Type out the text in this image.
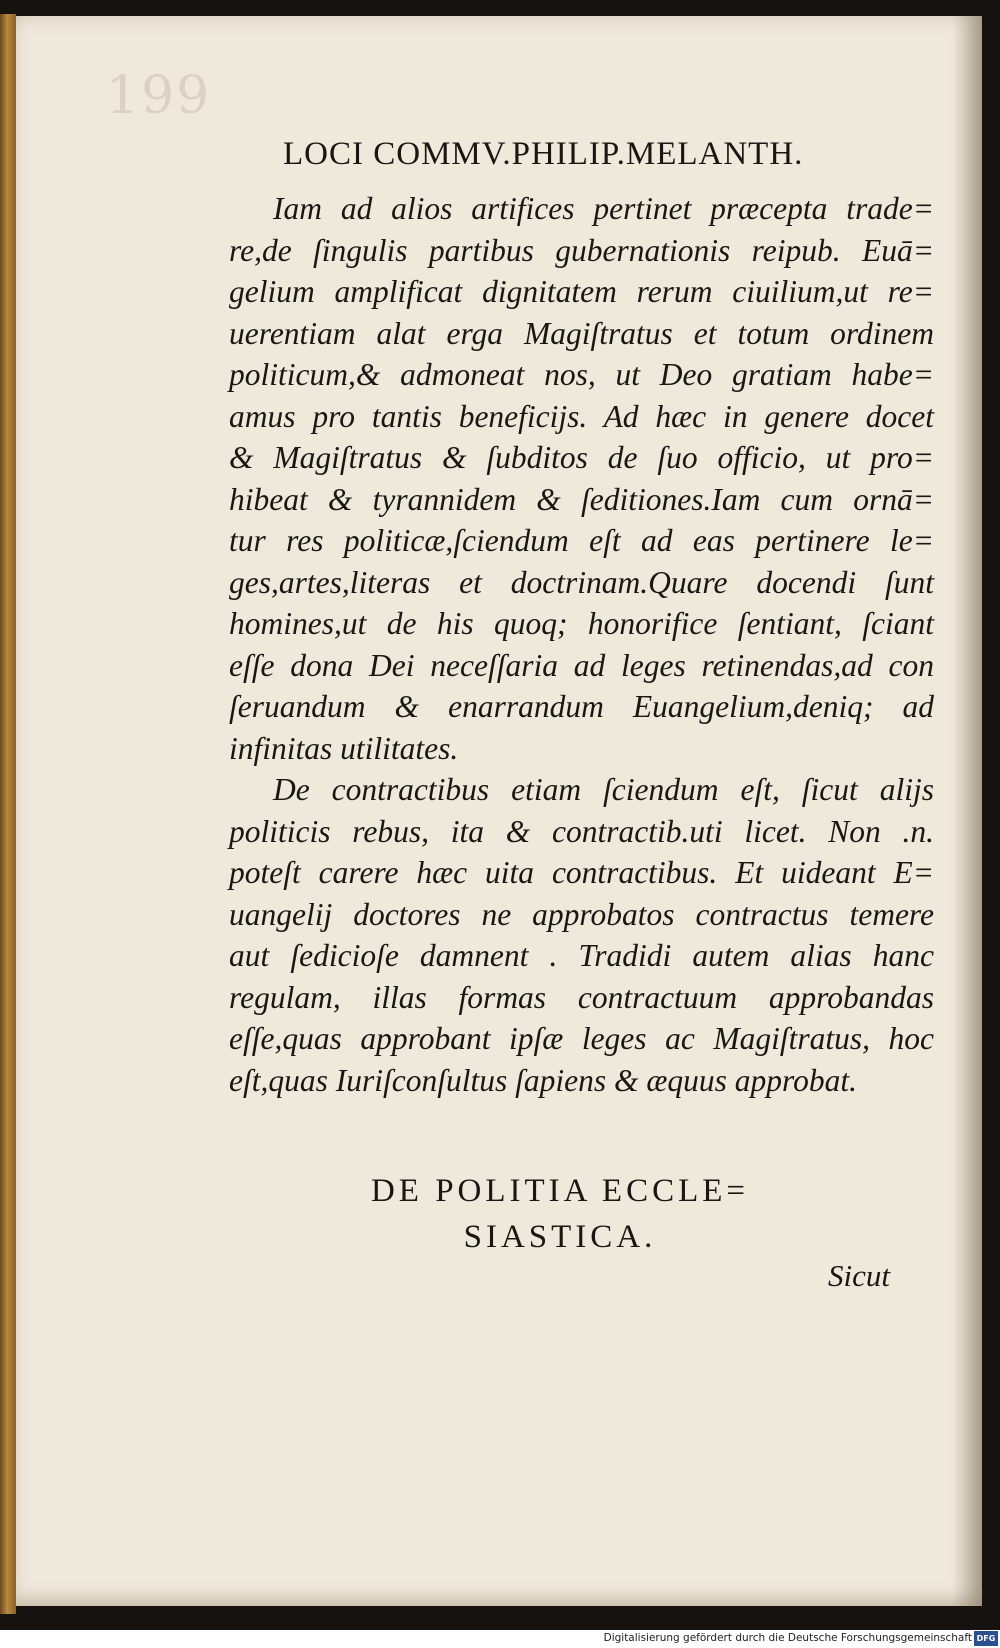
199
LOCI COMMV.PHILIP.MELANTH.
Iam ad alios artifices pertinet præcepta trade=
re,de ſingulis partibus gubernationis reipub. Euā=
gelium amplificat dignitatem rerum ciuilium,ut re=
uerentiam alat erga Magiſtratus et totum ordinem
politicum,& admoneat nos, ut Deo gratiam habe=
amus pro tantis beneficijs. Ad hæc in genere docet
& Magiſtratus & ſubditos de ſuo officio, ut pro=
hibeat & tyrannidem & ſeditiones.Iam cum ornā=
tur res politicæ,ſciendum eſt ad eas pertinere le=
ges,artes,literas et doctrinam.Quare docendi ſunt
homines,ut de his quoq; honorifice ſentiant, ſciant
eſſe dona Dei neceſſaria ad leges retinendas,ad con
ſeruandum & enarrandum Euangelium,deniq; ad
infinitas utilitates.
De contractibus etiam ſciendum eſt, ſicut alijs
politicis rebus, ita & contractib.uti licet. Non .n.
poteſt carere hæc uita contractibus. Et uideant E=
uangelij doctores ne approbatos contractus temere
aut ſedicioſe damnent . Tradidi autem alias hanc
regulam, illas formas contractuum approbandas
eſſe,quas approbant ipſæ leges ac Magiſtratus, hoc
eſt,quas Iuriſconſultus ſapiens & æquus approbat.
DE POLITIA ECCLE=
SIASTICA.
Sicut
Digitalisierung gefördert durch die Deutsche Forschungsgemeinschaft DFG
